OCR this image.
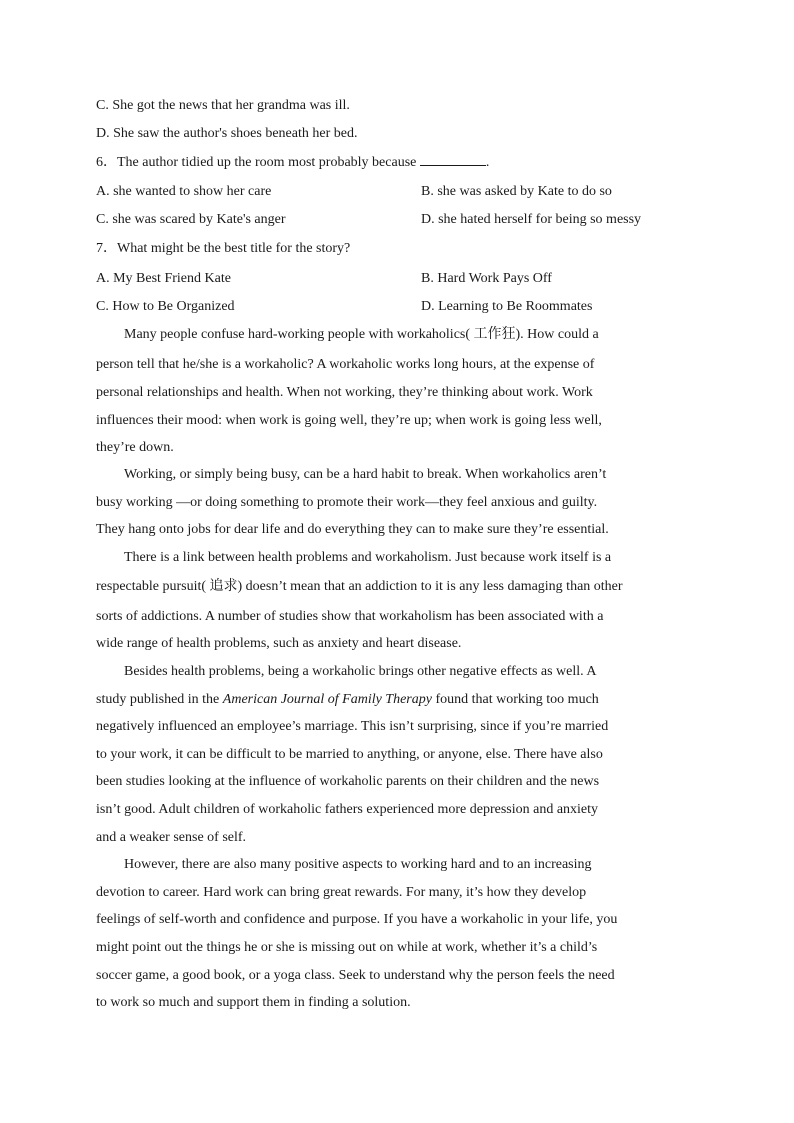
C. She got the news that her grandma was ill.
D. She saw the author's shoes beneath her bed.
6．The author tidied up the room most probably because	.
A. she wanted to show her care	B. she was asked by Kate to do so
C. she was scared by Kate's anger	D. she hated herself for being so messy
7．What might be the best title for the story?
A. My Best Friend Kate	B. Hard Work Pays Off
C. How to Be Organized	D. Learning to Be Roommates
Many people confuse hard-working people with workaholics( 工作狂). How could a
person tell that he/she is a workaholic? A workaholic works long hours, at the expense of
personal relationships and health. When not working, they’re thinking about work. Work
influences their mood: when work is going well, they’re up; when work is going less well,
they’re down.
Working, or simply being busy, can be a hard habit to break. When workaholics aren’t
busy working —or doing something to promote their work—they feel anxious and guilty.
They hang onto jobs for dear life and do everything they can to make sure they’re essential.
There is a link between health problems and workaholism. Just because work itself is a
respectable pursuit( 追求) doesn’t mean that an addiction to it is any less damaging than other
sorts of addictions. A number of studies show that workaholism has been associated with a
wide range of health problems, such as anxiety and heart disease.
Besides health problems, being a workaholic brings other negative effects as well. A
study published in the American Journal of Family Therapy found that working too much
negatively influenced an employee’s marriage. This isn’t surprising, since if you’re married
to your work, it can be difficult to be married to anything, or anyone, else. There have also
been studies looking at the influence of workaholic parents on their children and the news
isn’t good. Adult children of workaholic fathers experienced more depression and anxiety
and a weaker sense of self.
However, there are also many positive aspects to working hard and to an increasing
devotion to career. Hard work can bring great rewards. For many, it’s how they develop
feelings of self-worth and confidence and purpose. If you have a workaholic in your life, you
might point out the things he or she is missing out on while at work, whether it’s a child’s
soccer game, a good book, or a yoga class. Seek to understand why the person feels the need
to work so much and support them in finding a solution.
